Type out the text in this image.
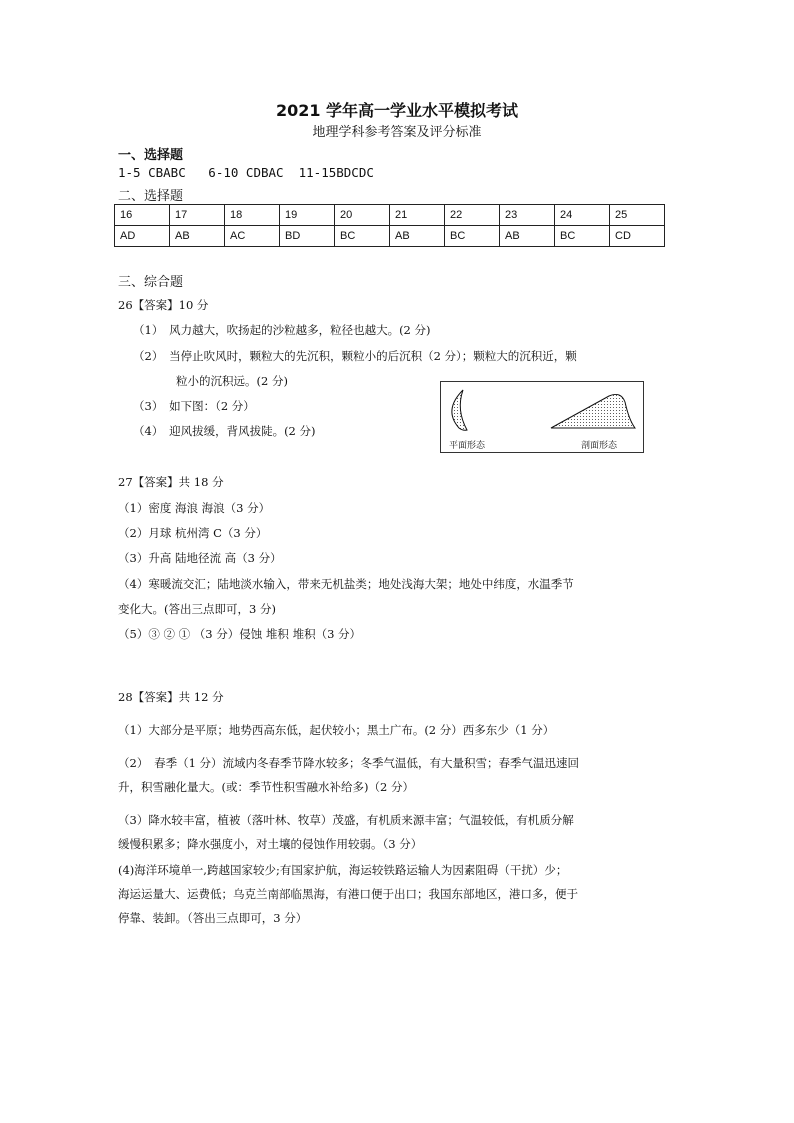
2021 学年高一学业水平模拟考试
地理学科参考答案及评分标准
一、选择题
1-5 CBABC   6-10 CDBAC  11-15BDCDC
二、选择题
16	17	18	19	20	21	22	23	24	25
AD	AB	AC	BD	BC	AB	BC	AB	BC	CD
三、综合题
26【答案】10 分
（1）　风力越大，吹扬起的沙粒越多，粒径也越大。(2 分)
（2）　当停止吹风时，颗粒大的先沉积，颗粒小的后沉积（2 分）；颗粒大的沉积近，颗
粒小的沉积远。(2 分)
（3）　如下图：（2 分）
（4）　迎风拔缓，背风拔陡。(2 分)
平面形态	剖面形态
27【答案】共 18 分
（1）密度 海浪 海浪（3 分）
（2）月球 杭州湾 C（3 分）
（3）升高 陆地径流 高（3 分）
（4）寒暖流交汇；陆地淡水输入，带来无机盐类；地处浅海大架；地处中纬度，水温季节
变化大。(答出三点即可，3 分)
（5）③ ② ① （3 分）侵蚀 堆积 堆积（3 分）
28【答案】共 12 分
（1）大部分是平原；地势西高东低，起伏较小；黑土广布。(2 分）西多东少（1 分）
（2）　春季（1 分）流域内冬春季节降水较多；冬季气温低，有大量积雪；春季气温迅速回
升，积雪融化量大。(或：季节性积雪融水补给多)（2 分）
（3）降水较丰富，植被（落叶林、牧草）茂盛，有机质来源丰富；气温较低，有机质分解
缓慢积累多；降水强度小，对土壤的侵蚀作用较弱。（3 分）
(4)海洋环境单一,跨越国家较少;有国家护航，海运较铁路运输人为因素阻碍（干扰）少；
海运运量大、运费低；乌克兰南部临黑海，有港口便于出口；我国东部地区，港口多，便于
停靠、装卸。（答出三点即可，3 分）
